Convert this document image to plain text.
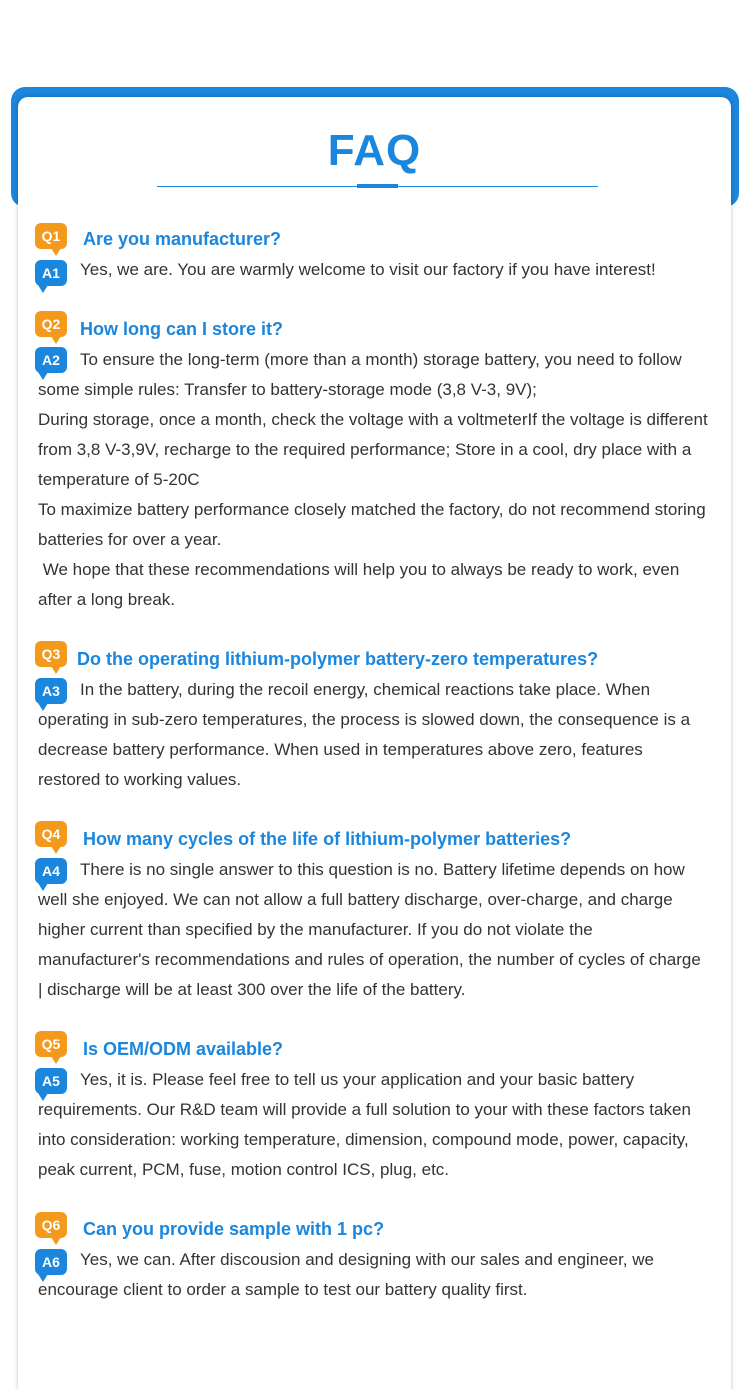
FAQ
Q1	Are you manufacturer?
A1	Yes, we are. You are warmly welcome to visit our factory if you have interest!

Q2	How long can I store it?
A2	To ensure the long-term (more than a month) storage battery, you need to follow some simple rules: Transfer to battery-storage mode (3,8 V-3, 9V);

During storage, once a month, check the voltage with a voltmeterIf the voltage is different from 3,8 V-3,9V, recharge to the required performance; Store in a cool, dry place with a temperature of 5-20C

To maximize battery performance closely matched the factory, do not recommend storing batteries for over a year.

We hope that these recommendations will help you to always be ready to work, even after a long break.

Q3 Do the operating lithium-polymer battery-zero temperatures?
A3	In the battery, during the recoil energy, chemical reactions take place. When operating in sub-zero temperatures, the process is slowed down, the consequence is a decrease battery performance. When used in temperatures above zero, features restored to working values.

Q4	How many cycles of the life of lithium-polymer batteries?
A4	There is no single answer to this question is no. Battery lifetime depends on how well she enjoyed. We can not allow a full battery discharge, over-charge, and charge higher current than specified by the manufacturer. If you do not violate the manufacturer's recommendations and rules of operation, the number of cycles of charge | discharge will be at least 300 over the life of the battery.

Q5	Is OEM/ODM available?
A5	Yes, it is. Please feel free to tell us your application and your basic battery requirements. Our R&D team will provide a full solution to your with these factors taken into consideration: working temperature, dimension, compound mode, power, capacity, peak current, PCM, fuse, motion control ICS, plug, etc.

Q6	Can you provide sample with 1 pc?
A6	Yes, we can. After discousion and designing with our sales and engineer, we encourage client to order a sample to test our battery quality first.
